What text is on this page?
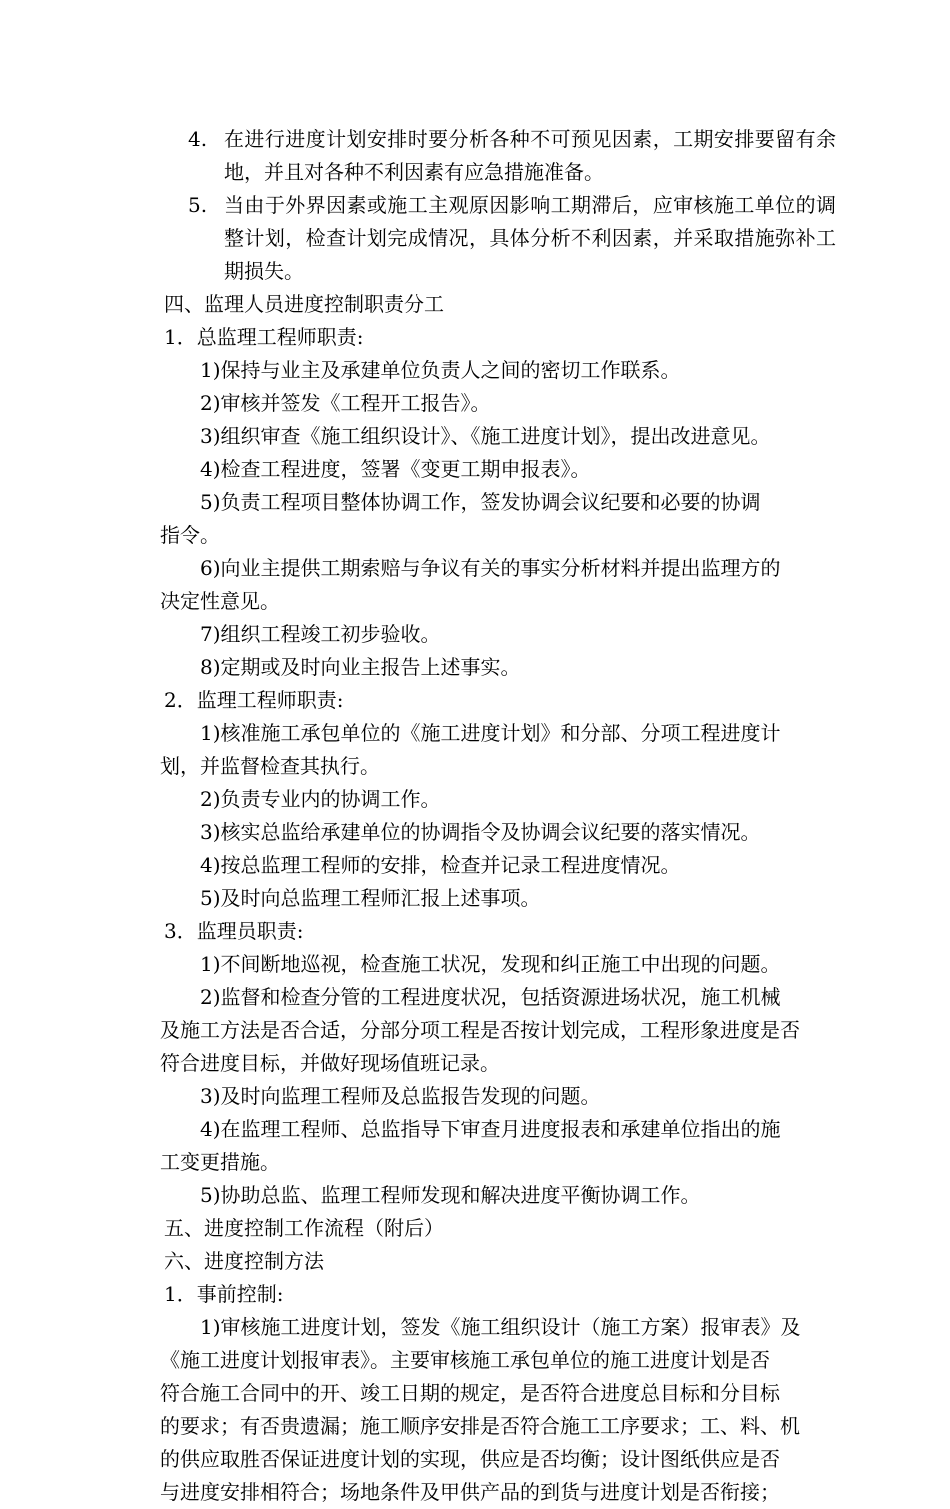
4. 在进行进度计划安排时要分析各种不可预见因素，工期安排要留有余地，并且对各种不利因素有应急措施准备。
5. 当由于外界因素或施工主观原因影响工期滞后，应审核施工单位的调整计划，检查计划完成情况，具体分析不利因素，并采取措施弥补工期损失。
四、监理人员进度控制职责分工
1．总监理工程师职责:
1)保持与业主及承建单位负责人之间的密切工作联系。
2)审核并签发《工程开工报告》。
3)组织审查《施工组织设计》、《施工进度计划》，提出改进意见。
4)检查工程进度，签署《变更工期申报表》。
5)负责工程项目整体协调工作，签发协调会议纪要和必要的协调
指令。
6)向业主提供工期索赔与争议有关的事实分析材料并提出监理方的
决定性意见。
7)组织工程竣工初步验收。
8)定期或及时向业主报告上述事实。
2．监理工程师职责:
1)核准施工承包单位的《施工进度计划》和分部、分项工程进度计
划，并监督检查其执行。
2)负责专业内的协调工作。
3)核实总监给承建单位的协调指令及协调会议纪要的落实情况。
4)按总监理工程师的安排，检查并记录工程进度情况。
5)及时向总监理工程师汇报上述事项。
3．监理员职责:
1)不间断地巡视，检查施工状况，发现和纠正施工中出现的问题。
2)监督和检查分管的工程进度状况，包括资源进场状况，施工机械
及施工方法是否合适，分部分项工程是否按计划完成，工程形象进度是否
符合进度目标，并做好现场值班记录。
3)及时向监理工程师及总监报告发现的问题。
4)在监理工程师、总监指导下审查月进度报表和承建单位指出的施
工变更措施。
5)协助总监、监理工程师发现和解决进度平衡协调工作。
五、进度控制工作流程（附后）
六、进度控制方法
1．事前控制:
1)审核施工进度计划，签发《施工组织设计（施工方案）报审表》及
《施工进度计划报审表》。主要审核施工承包单位的施工进度计划是否
符合施工合同中的开、竣工日期的规定，是否符合进度总目标和分目标
的要求；有否贵遗漏；施工顺序安排是否符合施工工序要求；工、料、机
的供应取胜否保证进度计划的实现，供应是否均衡；设计图纸供应是否
与进度安排相符合；场地条件及甲供产品的到货与进度计划是否衔接；
